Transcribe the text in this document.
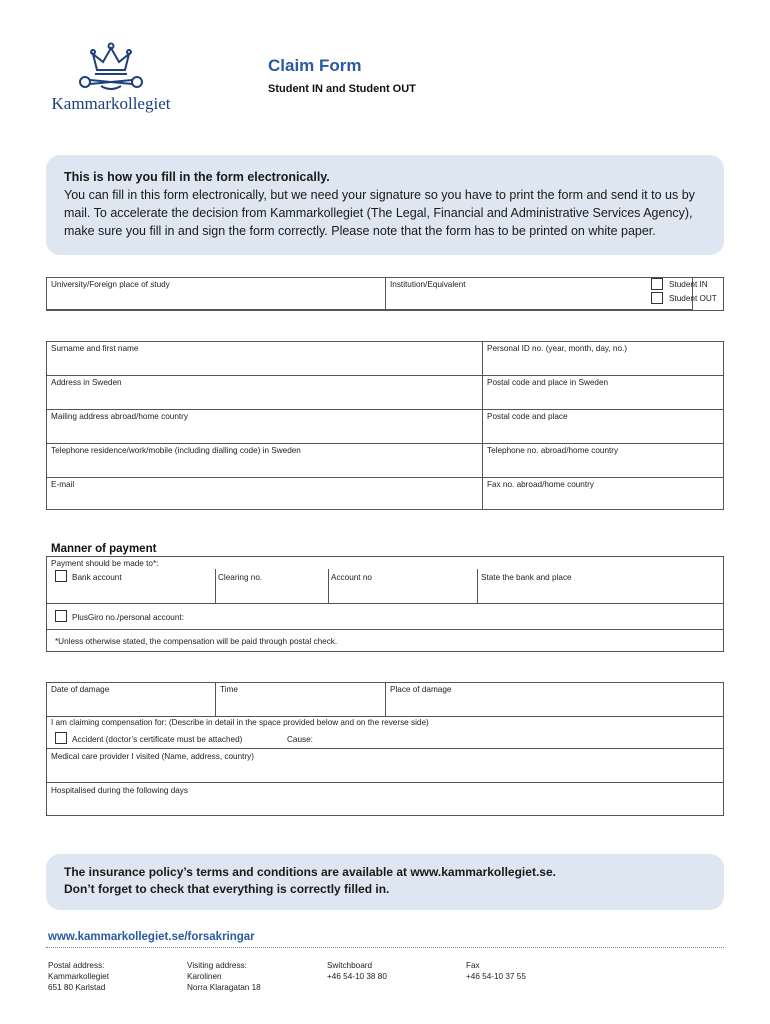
Kammarkollegiet
Claim Form
Student IN and Student OUT
This is how you fill in the form electronically.
You can fill in this form electronically, but we need your signature so you have to print the form and send it to us by mail. To accelerate the decision from Kammarkollegiet (The Legal, Financial and Administrative Services Agency), make sure you fill in and sign the form correctly. Please note that the form has to be printed on white paper.
University/Foreign place of study	Institution/Equivalent	Student IN
Student OUT
Surname and first name	Personal ID no. (year, month, day, no.)
Address in Sweden	Postal code and place in Sweden
Mailing address abroad/home country	Postal code and place
Telephone residence/work/mobile (including dialling code) in Sweden	Telephone no. abroad/home country
E-mail	Fax no. abroad/home country
Manner of payment
Payment should be made to*:
Bank account	Clearing no.	Account no	State the bank and place
PlusGiro no./personal account:
*Unless otherwise stated, the compensation will be paid through postal check.
Date of damage	Time	Place of damage
I am claiming compensation for: (Describe in detail in the space provided below and on the reverse side)
Accident (doctor’s certificate must be attached)	Cause:
Medical care provider I visited (Name, address, country)
Hospitalised during the following days
The insurance policy’s terms and conditions are available at www.kammarkollegiet.se.
Don’t forget to check that everything is correctly filled in.
www.kammarkollegiet.se/forsakringar
Postal address:
Kammarkollegiet
651 80 Karlstad
Visiting address:
Karolinen
Norra Klaragatan 18
Switchboard
+46 54-10 38 80
Fax
+46 54-10 37 55
